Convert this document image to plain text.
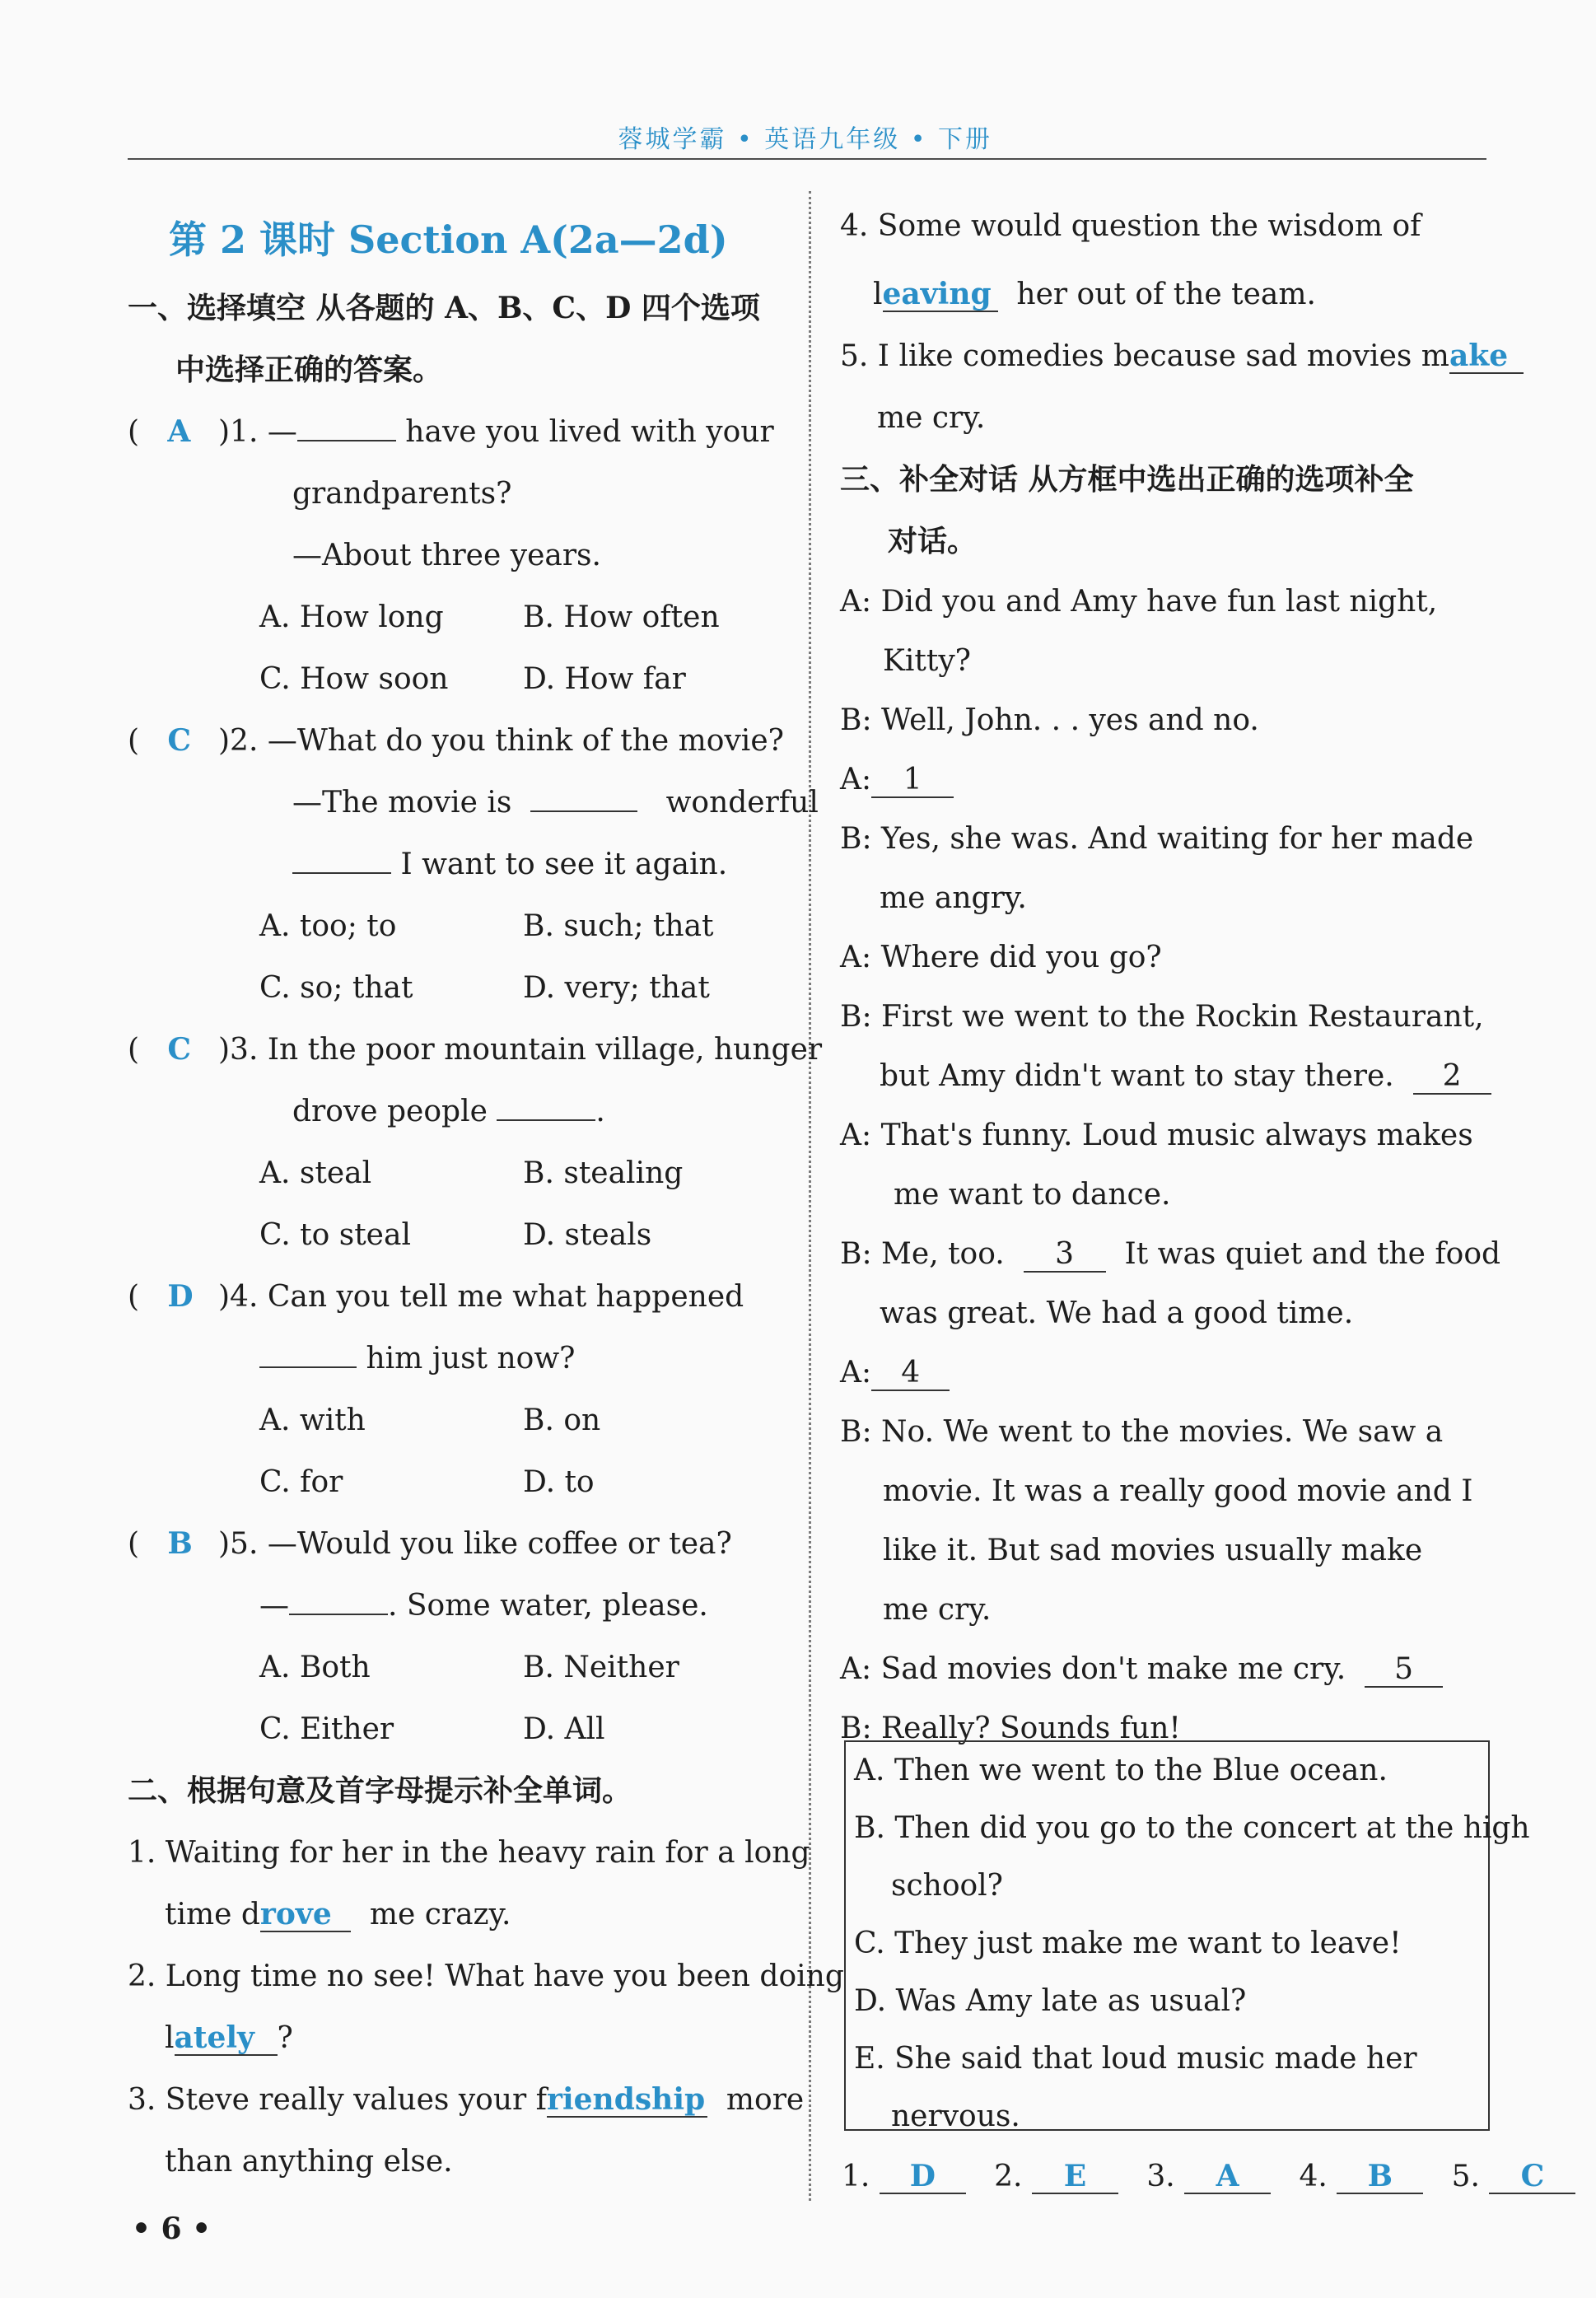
蓉城学霸 • 英语九年级 • 下册
第 2 课时 Section A(2a—2d)
一、选择填空 从各题的 A、B、C、D 四个选项
中选择正确的答案。
(   A )1. —	have you lived with your
grandparents?
—About three years.
A. How long	B. How often
C. How soon	D. How far
(   C )2. —What do you think of the movie?
—The movie is	wonderful
I want to see it again.
A. too; to	B. such; that
C. so; that	D. very; that
(   C )3. In the poor mountain village, hunger
drove people	.
A. steal	B. stealing
C. to steal	D. steals
(   D )4. Can you tell me what happened
him just now?
A. with	B. on
C. for	D. to
(   B )5. —Would you like coffee or tea?
—	. Some water, please.
A. Both	B. Neither
C. Either	D. All
二、根据句意及首字母提示补全单词。
1. Waiting for her in the heavy rain for a long
time drove me crazy.
2. Long time no see! What have you been doing
lately ?
3. Steve really values your friendship more
than anything else.
4. Some would question the wisdom of
leaving her out of the team.
5. I like comedies because sad movies make
me cry.
三、补全对话 从方框中选出正确的选项补全
对话。
A: Did you and Amy have fun last night,
Kitty?
B: Well, John. . . yes and no.
A: 1
B: Yes, she was. And waiting for her made
me angry.
A: Where did you go?
B: First we went to the Rockin Restaurant,
but Amy didn't want to stay there. 2
A: That's funny. Loud music always makes
me want to dance.
B: Me, too. 3 It was quiet and the food
was great. We had a good time.
A: 4
B: No. We went to the movies. We saw a
movie. It was a really good movie and I
like it. But sad movies usually make
me cry.
A: Sad movies don't make me cry. 5
B: Really? Sounds fun!
A. Then we went to the Blue ocean.
B. Then did you go to the concert at the high
school?
C. They just make me want to leave!
D. Was Amy late as usual?
E. She said that loud music made her
nervous.
1. D 2. E 3. A 4. B 5. C
• 6 •
